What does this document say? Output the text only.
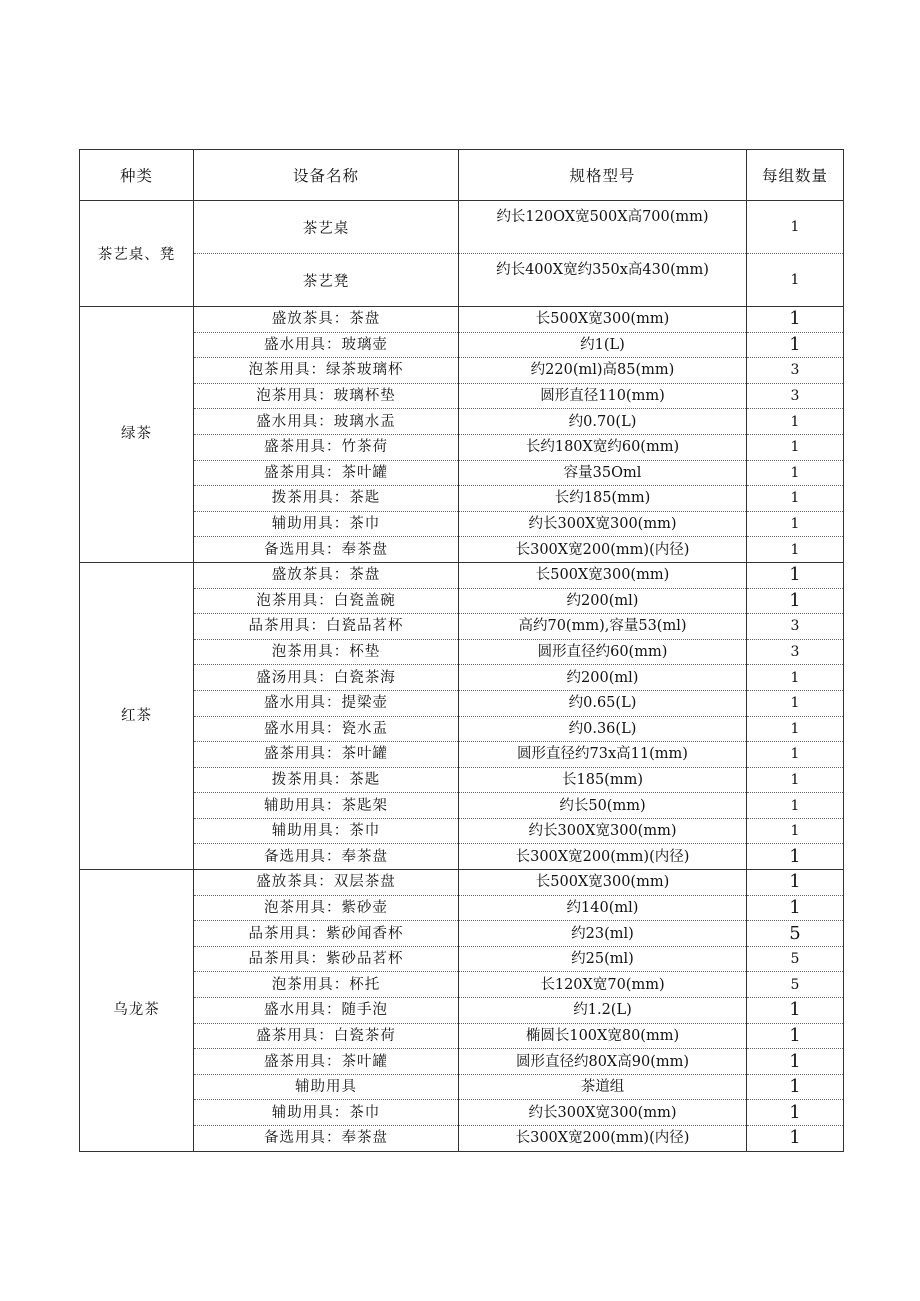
种类	设备名称	规格型号	每组数量
茶艺桌、凳	茶艺桌	约长120OX宽500X高700(mm)	1
	茶艺凳	约长400X宽约350x高430(mm)	1
绿茶	盛放茶具：茶盘	长500X宽300(mm)	1
	盛水用具：玻璃壶	约1(L)	1
	泡茶用具：绿茶玻璃杯	约220(ml)高85(mm)	3
	泡茶用具：玻璃杯垫	圆形直径110(mm)	3
	盛水用具：玻璃水盂	约0.70(L)	1
	盛茶用具：竹茶荷	长约180X宽约60(mm)	1
	盛茶用具：茶叶罐	容量35Oml	1
	拨茶用具：茶匙	长约185(mm)	1
	辅助用具：茶巾	约长300X宽300(mm)	1
	备选用具：奉茶盘	长300X宽200(mm)(内径)	1
红茶	盛放茶具：茶盘	长500X宽300(mm)	1
	泡茶用具：白瓷盖碗	约200(ml)	1
	品茶用具：白瓷品茗杯	高约70(mm),容量53(ml)	3
	泡茶用具：杯垫	圆形直径约60(mm)	3
	盛汤用具：白瓷茶海	约200(ml)	1
	盛水用具：提梁壶	约0.65(L)	1
	盛水用具：瓷水盂	约0.36(L)	1
	盛茶用具：茶叶罐	圆形直径约73x高11(mm)	1
	拨茶用具：茶匙	长185(mm)	1
	辅助用具：茶匙架	约长50(mm)	1
	辅助用具：茶巾	约长300X宽300(mm)	1
	备选用具：奉茶盘	长300X宽200(mm)(内径)	1
乌龙茶	盛放茶具：双层茶盘	长500X宽300(mm)	1
	泡茶用具：紫砂壶	约140(ml)	1
	品茶用具：紫砂闻香杯	约23(ml)	5
	品茶用具：紫砂品茗杯	约25(ml)	5
	泡茶用具：杯托	长120X宽70(mm)	5
	盛水用具：随手泡	约1.2(L)	1
	盛茶用具：白瓷茶荷	椭圆长100X宽80(mm)	1
	盛茶用具：茶叶罐	圆形直径约80X高90(mm)	1
	辅助用具	茶道组	1
	辅助用具：茶巾	约长300X宽300(mm)	1
	备选用具：奉茶盘	长300X宽200(mm)(内径)	1
